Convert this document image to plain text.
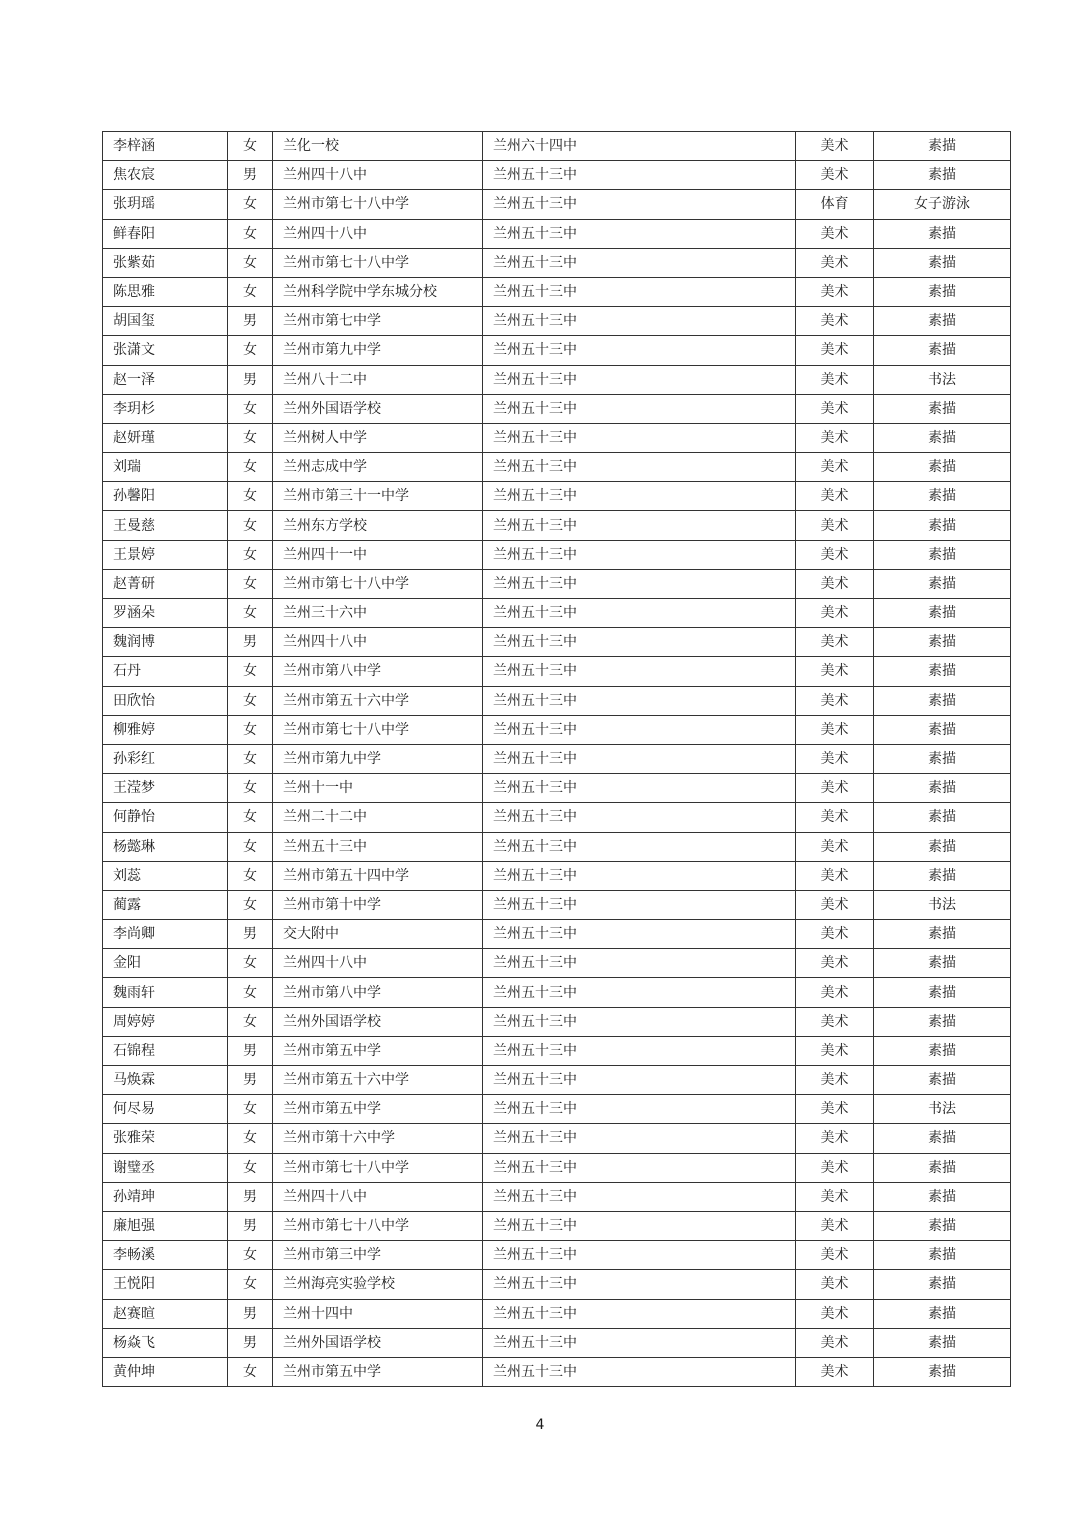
李梓涵	女	兰化一校	兰州六十四中	美术	素描
焦农宸	男	兰州四十八中	兰州五十三中	美术	素描
张玥瑶	女	兰州市第七十八中学	兰州五十三中	体育	女子游泳
鲜春阳	女	兰州四十八中	兰州五十三中	美术	素描
张紫茹	女	兰州市第七十八中学	兰州五十三中	美术	素描
陈思雅	女	兰州科学院中学东城分校	兰州五十三中	美术	素描
胡国玺	男	兰州市第七中学	兰州五十三中	美术	素描
张潇文	女	兰州市第九中学	兰州五十三中	美术	素描
赵一泽	男	兰州八十二中	兰州五十三中	美术	书法
李玥杉	女	兰州外国语学校	兰州五十三中	美术	素描
赵妍瑾	女	兰州树人中学	兰州五十三中	美术	素描
刘瑞	女	兰州志成中学	兰州五十三中	美术	素描
孙馨阳	女	兰州市第三十一中学	兰州五十三中	美术	素描
王曼慈	女	兰州东方学校	兰州五十三中	美术	素描
王景婷	女	兰州四十一中	兰州五十三中	美术	素描
赵菁研	女	兰州市第七十八中学	兰州五十三中	美术	素描
罗涵朵	女	兰州三十六中	兰州五十三中	美术	素描
魏润博	男	兰州四十八中	兰州五十三中	美术	素描
石丹	女	兰州市第八中学	兰州五十三中	美术	素描
田欣怡	女	兰州市第五十六中学	兰州五十三中	美术	素描
柳雅婷	女	兰州市第七十八中学	兰州五十三中	美术	素描
孙彩红	女	兰州市第九中学	兰州五十三中	美术	素描
王滢梦	女	兰州十一中	兰州五十三中	美术	素描
何静怡	女	兰州二十二中	兰州五十三中	美术	素描
杨懿琳	女	兰州五十三中	兰州五十三中	美术	素描
刘蕊	女	兰州市第五十四中学	兰州五十三中	美术	素描
蔺露	女	兰州市第十中学	兰州五十三中	美术	书法
李尚卿	男	交大附中	兰州五十三中	美术	素描
金阳	女	兰州四十八中	兰州五十三中	美术	素描
魏雨轩	女	兰州市第八中学	兰州五十三中	美术	素描
周婷婷	女	兰州外国语学校	兰州五十三中	美术	素描
石锦程	男	兰州市第五中学	兰州五十三中	美术	素描
马焕霖	男	兰州市第五十六中学	兰州五十三中	美术	素描
何尽易	女	兰州市第五中学	兰州五十三中	美术	书法
张雅荣	女	兰州市第十六中学	兰州五十三中	美术	素描
谢璧丞	女	兰州市第七十八中学	兰州五十三中	美术	素描
孙靖珅	男	兰州四十八中	兰州五十三中	美术	素描
廉旭强	男	兰州市第七十八中学	兰州五十三中	美术	素描
李畅溪	女	兰州市第三中学	兰州五十三中	美术	素描
王悦阳	女	兰州海亮实验学校	兰州五十三中	美术	素描
赵赛暄	男	兰州十四中	兰州五十三中	美术	素描
杨焱飞	男	兰州外国语学校	兰州五十三中	美术	素描
黄仲坤	女	兰州市第五中学	兰州五十三中	美术	素描
4
